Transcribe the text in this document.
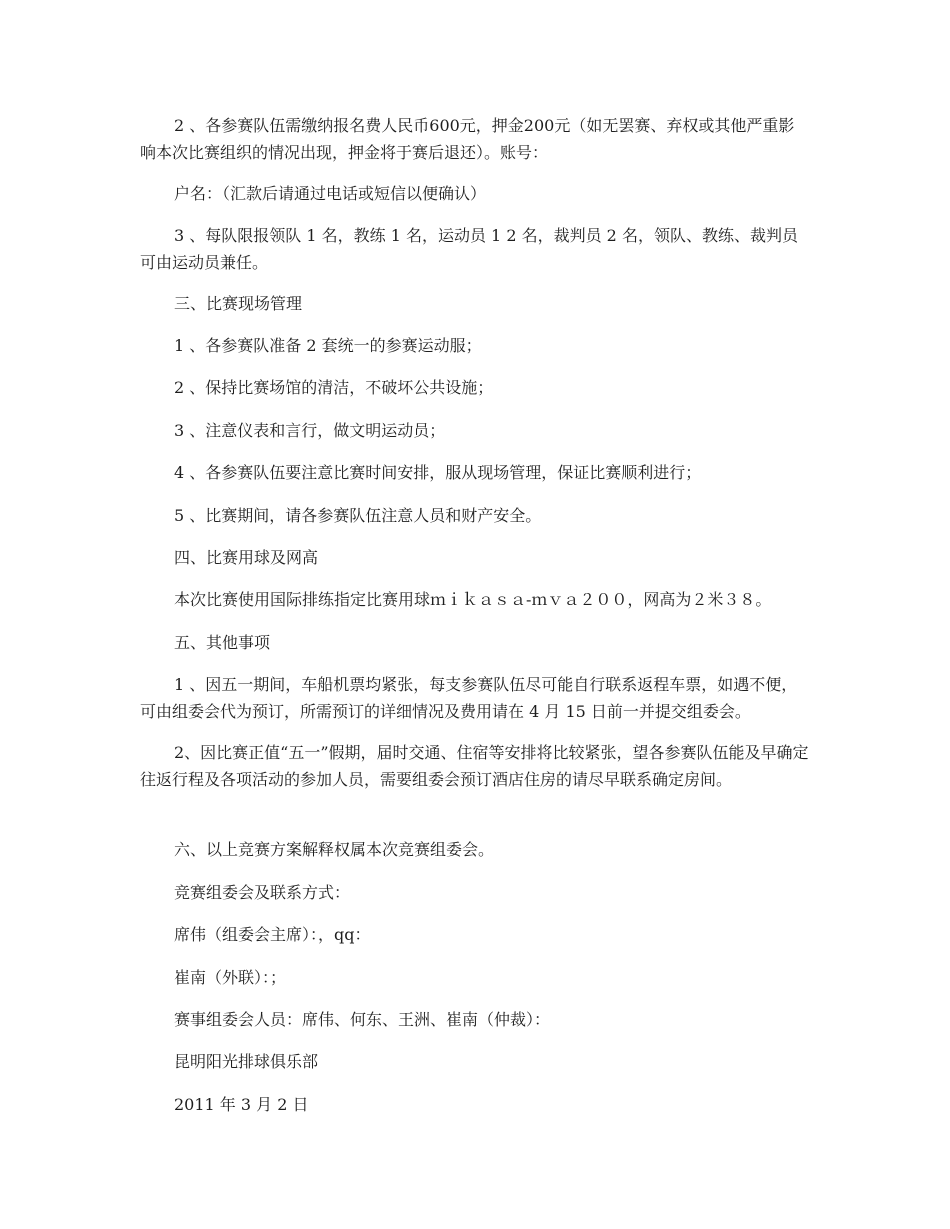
2 、各参赛队伍需缴纳报名费人民币600元，押金200元（如无罢赛、弃权或其他严重影响本次比赛组织的情况出现，押金将于赛后退还）。账号：

户名：（汇款后请通过电话或短信以便确认）

3 、每队限报领队 1 名，教练 1 名，运动员 1 2 名，裁判员 2 名，领队、教练、裁判员可由运动员兼任。

三、比赛现场管理

1 、各参赛队准备 2 套统一的参赛运动服；

2 、保持比赛场馆的清洁，不破坏公共设施；

3 、注意仪表和言行，做文明运动员；

4 、各参赛队伍要注意比赛时间安排，服从现场管理，保证比赛顺利进行；

5 、比赛期间，请各参赛队伍注意人员和财产安全。

四、比赛用球及网高

本次比赛使用国际排练指定比赛用球ｍｉｋａｓａ-ｍｖａ２００，网高为２米３８。

五、其他事项

1 、因五一期间，车船机票均紧张，每支参赛队伍尽可能自行联系返程车票，如遇不便，可由组委会代为预订，所需预订的详细情况及费用请在 4 月 15 日前一并提交组委会。

2、因比赛正值“五一”假期，届时交通、住宿等安排将比较紧张，望各参赛队伍能及早确定往返行程及各项活动的参加人员，需要组委会预订酒店住房的请尽早联系确定房间。

六、以上竞赛方案解释权属本次竞赛组委会。

竞赛组委会及联系方式：

席伟（组委会主席）：，qq：

崔南（外联）：；

赛事组委会人员：席伟、何东、王洲、崔南（仲裁）：

昆明阳光排球俱乐部

2011 年 3 月 2 日
